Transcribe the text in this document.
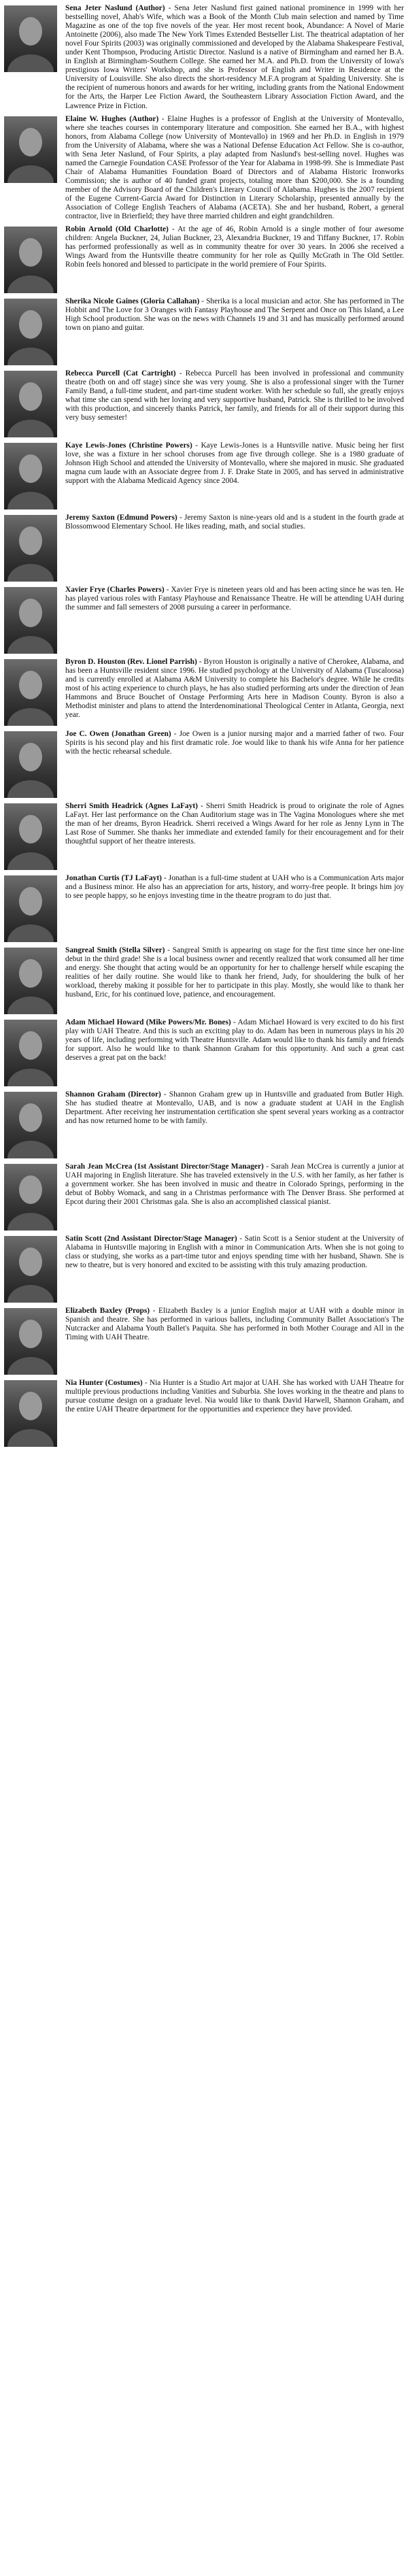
Sena Jeter Naslund (Author) - Sena Jeter Naslund first gained national prominence in 1999 with her bestselling novel, Ahab's Wife, which was a Book of the Month Club main selection and named by Time Magazine as one of the top five novels of the year. Her most recent book, Abundance: A Novel of Marie Antoinette (2006), also made The New York Times Extended Bestseller List. The theatrical adaptation of her novel Four Spirits (2003) was originally commissioned and developed by the Alabama Shakespeare Festival, under Kent Thompson, Producing Artistic Director. Naslund is a native of Birmingham and earned her B.A. in English at Birmingham-Southern College. She earned her M.A. and Ph.D. from the University of Iowa's prestigious Iowa Writers' Workshop, and she is Professor of English and Writer in Residence at the University of Louisville. She also directs the short-residency M.F.A program at Spalding University. She is the recipient of numerous honors and awards for her writing, including grants from the National Endowment for the Arts, the Harper Lee Fiction Award, the Southeastern Library Association Fiction Award, and the Lawrence Prize in Fiction.

Elaine W. Hughes (Author) - Elaine Hughes is a professor of English at the University of Montevallo, where she teaches courses in contemporary literature and composition. She earned her B.A., with highest honors, from Alabama College (now University of Montevallo) in 1969 and her Ph.D. in English in 1979 from the University of Alabama, where she was a National Defense Education Act Fellow. She is co-author, with Sena Jeter Naslund, of Four Spirits, a play adapted from Naslund's best-selling novel. Hughes was named the Carnegie Foundation CASE Professor of the Year for Alabama in 1998-99. She is Immediate Past Chair of Alabama Humanities Foundation Board of Directors and of Alabama Historic Ironworks Commission; she is author of 40 funded grant projects, totaling more than $200,000. She is a founding member of the Advisory Board of the Children's Literary Council of Alabama. Hughes is the 2007 recipient of the Eugene Current-Garcia Award for Distinction in Literary Scholarship, presented annually by the Association of College English Teachers of Alabama (ACETA). She and her husband, Robert, a general contractor, live in Brierfield; they have three married children and eight grandchildren.

Robin Arnold (Old Charlotte) - At the age of 46, Robin Arnold is a single mother of four awesome children: Angela Buckner, 24, Julian Buckner, 23, Alexandria Buckner, 19 and Tiffany Buckner, 17. Robin has performed professionally as well as in community theatre for over 30 years. In 2006 she received a Wings Award from the Huntsville theatre community for her role as Quilly McGrath in The Old Settler. Robin feels honored and blessed to participate in the world premiere of Four Spirits.

Sherika Nicole Gaines (Gloria Callahan) - Sherika is a local musician and actor. She has performed in The Hobbit and The Love for 3 Oranges with Fantasy Playhouse and The Serpent and Once on This Island, a Lee High School production. She was on the news with Channels 19 and 31 and has musically performed around town on piano and guitar.

Rebecca Purcell (Cat Cartright) - Rebecca Purcell has been involved in professional and community theatre (both on and off stage) since she was very young. She is also a professional singer with the Turner Family Band, a full-time student, and part-time student worker. With her schedule so full, she greatly enjoys what time she can spend with her loving and very supportive husband, Patrick. She is thrilled to be involved with this production, and sincerely thanks Patrick, her family, and friends for all of their support during this very busy semester!

Kaye Lewis-Jones (Christine Powers) - Kaye Lewis-Jones is a Huntsville native. Music being her first love, she was a fixture in her school choruses from age five through college. She is a 1980 graduate of Johnson High School and attended the University of Montevallo, where she majored in music. She graduated magna cum laude with an Associate degree from J. F. Drake State in 2005, and has served in administrative support with the Alabama Medicaid Agency since 2004.

Jeremy Saxton (Edmund Powers) - Jeremy Saxton is nine-years old and is a student in the fourth grade at Blossomwood Elementary School. He likes reading, math, and social studies.

Xavier Frye (Charles Powers) - Xavier Frye is nineteen years old and has been acting since he was ten. He has played various roles with Fantasy Playhouse and Renaissance Theatre. He will be attending UAH during the summer and fall semesters of 2008 pursuing a career in performance.

Byron D. Houston (Rev. Lionel Parrish) - Byron Houston is originally a native of Cherokee, Alabama, and has been a Huntsville resident since 1996. He studied psychology at the University of Alabama (Tuscaloosa) and is currently enrolled at Alabama A&M University to complete his Bachelor's degree. While he credits most of his acting experience to church plays, he has also studied performing arts under the direction of Jean Hammons and Bruce Bouchet of Onstage Performing Arts here in Madison County. Byron is also a Methodist minister and plans to attend the Interdenominational Theological Center in Atlanta, Georgia, next year.

Joe C. Owen (Jonathan Green) - Joe Owen is a junior nursing major and a married father of two. Four Spirits is his second play and his first dramatic role. Joe would like to thank his wife Anna for her patience with the hectic rehearsal schedule.

Sherri Smith Headrick (Agnes LaFayt) - Sherri Smith Headrick is proud to originate the role of Agnes LaFayt. Her last performance on the Chan Auditorium stage was in The Vagina Monologues where she met the man of her dreams, Byron Headrick. Sherri received a Wings Award for her role as Jenny Lynn in The Last Rose of Summer. She thanks her immediate and extended family for their encouragement and for their thoughtful support of her theatre interests.

Jonathan Curtis (TJ LaFayt) - Jonathan is a full-time student at UAH who is a Communication Arts major and a Business minor. He also has an appreciation for arts, history, and worry-free people. It brings him joy to see people happy, so he enjoys investing time in the theatre program to do just that.

Sangreal Smith (Stella Silver) - Sangreal Smith is appearing on stage for the first time since her one-line debut in the third grade! She is a local business owner and recently realized that work consumed all her time and energy. She thought that acting would be an opportunity for her to challenge herself while escaping the realities of her daily routine. She would like to thank her friend, Judy, for shouldering the bulk of her workload, thereby making it possible for her to participate in this play. Mostly, she would like to thank her husband, Eric, for his continued love, patience, and encouragement.

Adam Michael Howard (Mike Powers/Mr. Bones) - Adam Michael Howard is very excited to do his first play with UAH Theatre. And this is such an exciting play to do. Adam has been in numerous plays in his 20 years of life, including performing with Theatre Huntsville. Adam would like to thank his family and friends for support. Also he would like to thank Shannon Graham for this opportunity. And such a great cast deserves a great pat on the back!

Shannon Graham (Director) - Shannon Graham grew up in Huntsville and graduated from Butler High. She has studied theatre at Montevallo, UAB, and is now a graduate student at UAH in the English Department. After receiving her instrumentation certification she spent several years working as a contractor and has now returned home to be with family.

Sarah Jean McCrea (1st Assistant Director/Stage Manager) - Sarah Jean McCrea is currently a junior at UAH majoring in English literature. She has traveled extensively in the U.S. with her family, as her father is a government worker. She has been involved in music and theatre in Colorado Springs, performing in the debut of Bobby Womack, and sang in a Christmas performance with The Denver Brass. She performed at Epcot during their 2001 Christmas gala. She is also an accomplished classical pianist.

Satin Scott (2nd Assistant Director/Stage Manager) - Satin Scott is a Senior student at the University of Alabama in Huntsville majoring in English with a minor in Communication Arts. When she is not going to class or studying, she works as a part-time tutor and enjoys spending time with her husband, Shawn. She is new to theatre, but is very honored and excited to be assisting with this truly amazing production.

Elizabeth Baxley (Props) - Elizabeth Baxley is a junior English major at UAH with a double minor in Spanish and theatre. She has performed in various ballets, including Community Ballet Association's The Nutcracker and Alabama Youth Ballet's Paquita. She has performed in both Mother Courage and All in the Timing with UAH Theatre.

Nia Hunter (Costumes) - Nia Hunter is a Studio Art major at UAH. She has worked with UAH Theatre for multiple previous productions including Vanities and Suburbia. She loves working in the theatre and plans to pursue costume design on a graduate level. Nia would like to thank David Harwell, Shannon Graham, and the entire UAH Theatre department for the opportunities and experience they have provided.
